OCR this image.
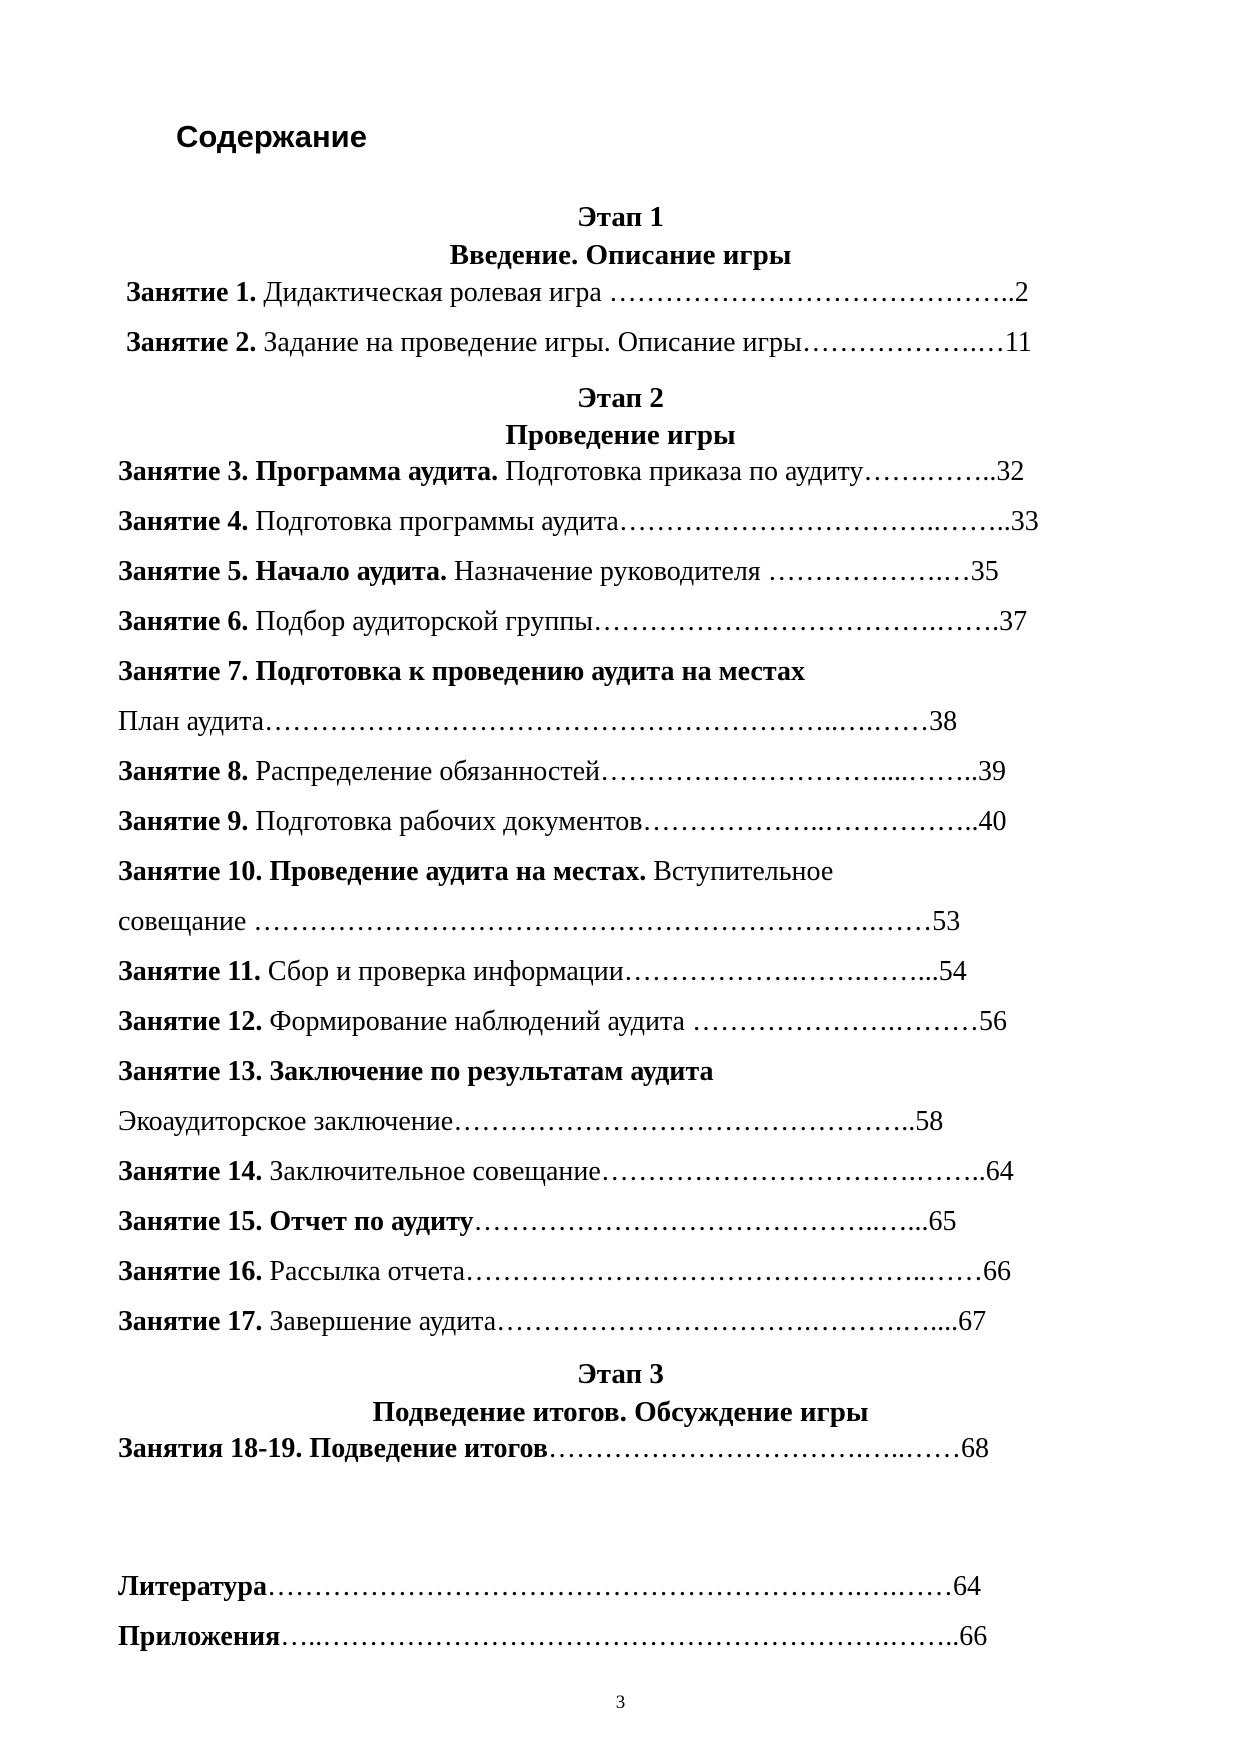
Содержание
Этап 1
Введение. Описание игры
Занятие 1. Дидактическая ролевая игра ……………………………………..2
Занятие 2. Задание на проведение игры. Описание игры……………….…11
Этап 2
Проведение игры
Занятие 3. Программа аудита. Подготовка приказа по аудиту…….……..32
Занятие 4. Подготовка программы аудита……………………………..……..33
Занятие 5. Начало аудита. Назначение руководителя ……………….…35
Занятие 6. Подбор аудиторской группы……………………………….…….37
Занятие 7. Подготовка к проведению аудита на местах
План аудита……………………………………………………..….……38
Занятие 8. Распределение обязанностей…………………………....……..39
Занятие 9. Подготовка рабочих документов………………..……………..40
Занятие 10. Проведение аудита на местах. Вступительное
совещание ………………………………………………………….……53
Занятие 11. Сбор и проверка информации……………….…….……...54
Занятие 12. Формирование наблюдений аудита ………………….………56
Занятие 13. Заключение по результатам аудита
Экоаудиторское заключение…………………………………………..58
Занятие 14. Заключительное совещание…………………………….……..64
Занятие 15. Отчет по аудиту……………………………………..…...65
Занятие 16. Рассылка отчета…………………………………………..……66
Занятие 17. Завершение аудита…………………………….……….…....67
Этап 3
Подведение итогов. Обсуждение игры
Занятия 18-19. Подведение итогов…………………………….…..……68
Литература……………………………………………………….….……64
Приложения…..…………………………………………………….……..66
3
